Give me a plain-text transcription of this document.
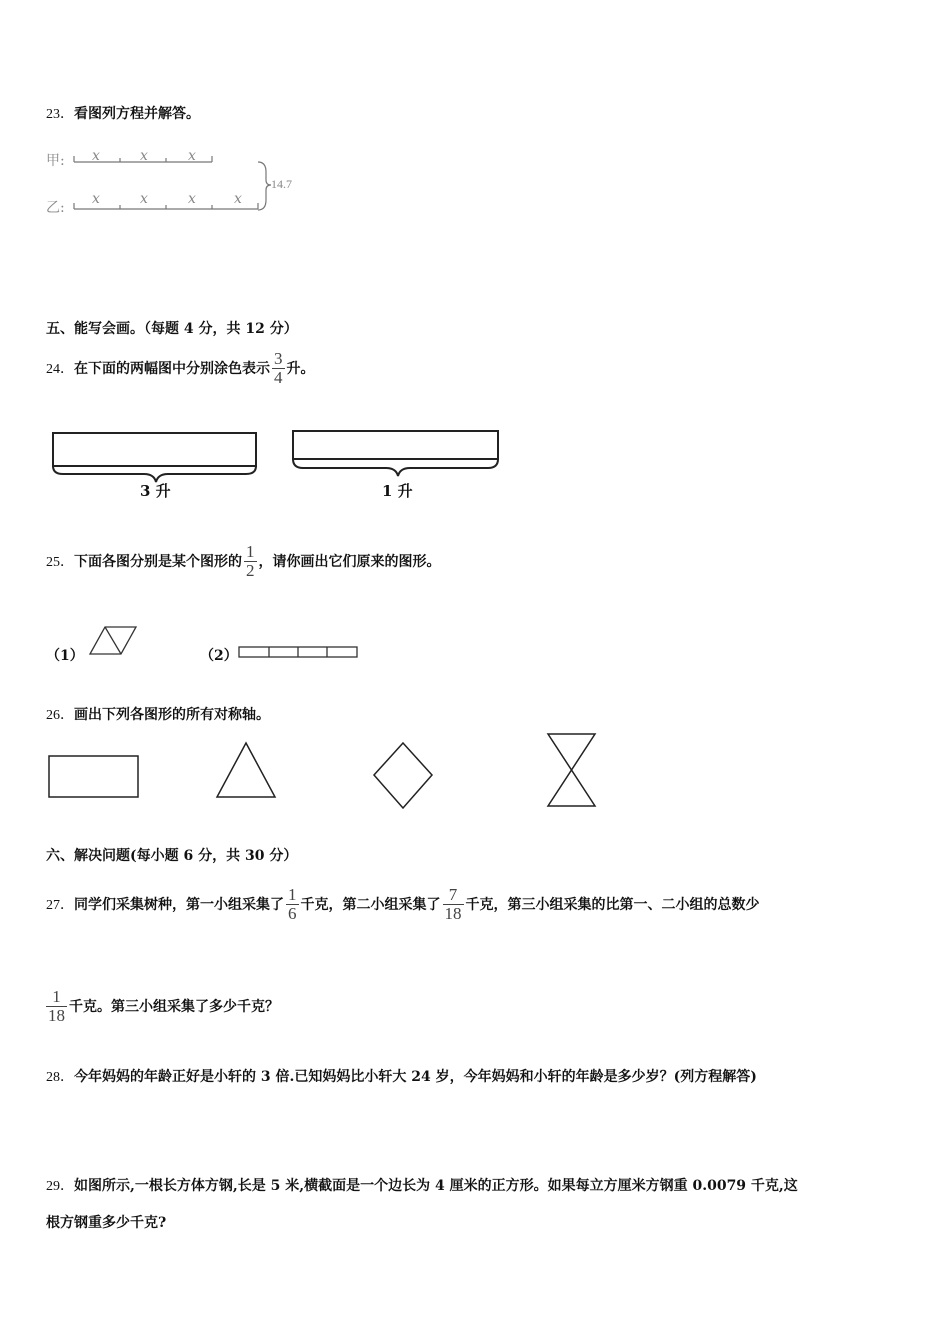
23．看图列方程并解答。
甲:
乙:
x	x	x
x	x	x	x
14.7
五、能写会画。（每题 4 分，共 12 分）
24． 在下面的两幅图中分别涂色表示 $\frac{3}{4}$ 升。
3 升	1 升
25． 下面各图分别是某个图形的 $\frac{1}{2}$ ，请你画出它们原来的图形。
（1）	（2）
26．画出下列各图形的所有对称轴。
六、解决问题(每小题 6 分，共 30 分）
27． 同学们采集树种，第一小组采集了 $\frac{1}{6}$ 千克，第二小组采集了 $\frac{7}{18}$ 千克，第三小组采集的比第一、二小组的总数少
$\frac{1}{18}$ 千克。第三小组采集了多少千克？
28．今年妈妈的年龄正好是小轩的 3 倍.已知妈妈比小轩大 24 岁，今年妈妈和小轩的年龄是多少岁？(列方程解答)
29．如图所示,一根长方体方钢,长是 5 米,横截面是一个边长为 4 厘米的正方形。如果每立方厘米方钢重 0.0079 千克,这
根方钢重多少千克?
